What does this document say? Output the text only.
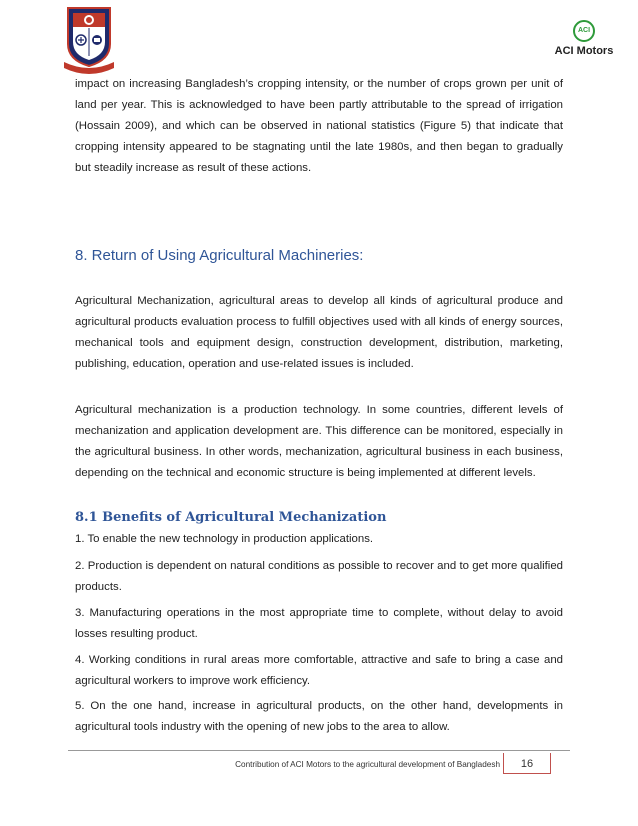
ACI
ACI Motors

impact on increasing Bangladesh’s cropping intensity, or the number of crops grown per unit of land per year. This is acknowledged to have been partly attributable to the spread of irrigation (Hossain 2009), and which can be observed in national statistics (Figure 5) that indicate that cropping intensity appeared to be stagnating until the late 1980s, and then began to gradually but steadily increase as result of these actions.

8. Return of Using Agricultural Machineries:

Agricultural Mechanization, agricultural areas to develop all kinds of agricultural produce and agricultural products evaluation process to fulfill objectives used with all kinds of energy sources, mechanical tools and equipment design, construction development, distribution, marketing, publishing, education, operation and use-related issues is included.

Agricultural mechanization is a production technology. In some countries, different levels of mechanization and application development are. This difference can be monitored, especially in the agricultural business. In other words, mechanization, agricultural business in each business, depending on the technical and economic structure is being implemented at different levels.

8.1 Benefits of Agricultural Mechanization

1. To enable the new technology in production applications.

2. Production is dependent on natural conditions as possible to recover and to get more qualified products.

3. Manufacturing operations in the most appropriate time to complete, without delay to avoid losses resulting product.

4. Working conditions in rural areas more comfortable, attractive and safe to bring a case and agricultural workers to improve work efficiency.

5. On the one hand, increase in agricultural products, on the other hand, developments in agricultural tools industry with the opening of new jobs to the area to allow.

Contribution of ACI Motors to the agricultural development of Bangladesh	16
